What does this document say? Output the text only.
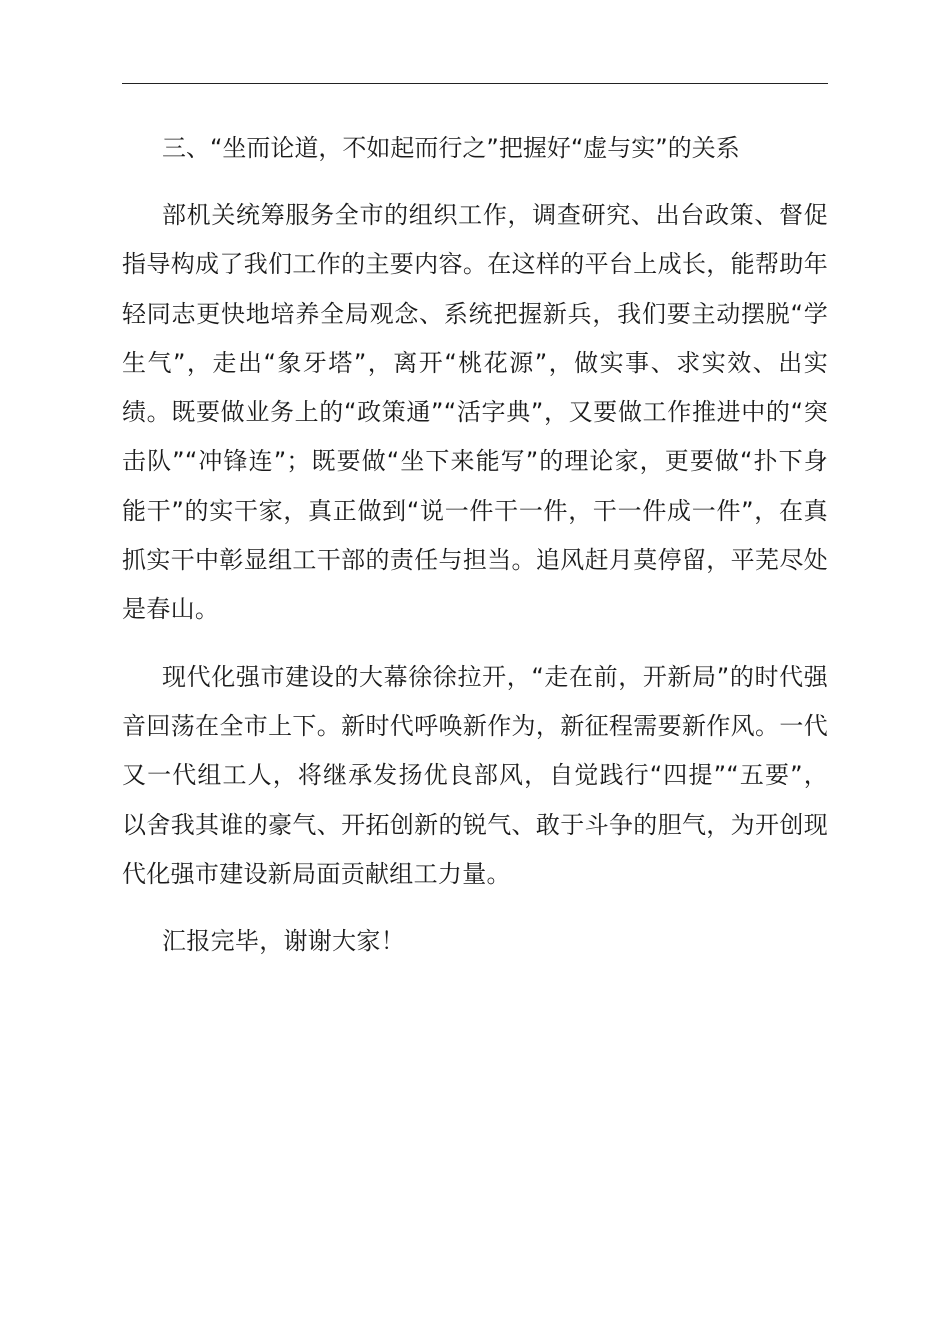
三、“坐而论道，不如起而行之”把握好“虚与实”的关系

部机关统筹服务全市的组织工作，调查研究、出台政策、督促指导构成了我们工作的主要内容。在这样的平台上成长，能帮助年轻同志更快地培养全局观念、系统把握新兵，我们要主动摆脱“学生气”，走出“象牙塔”，离开“桃花源”，做实事、求实效、出实绩。既要做业务上的“政策通”“活字典”，又要做工作推进中的“突击队”“冲锋连”；既要做“坐下来能写”的理论家，更要做“扑下身能干”的实干家，真正做到“说一件干一件，干一件成一件”，在真抓实干中彰显组工干部的责任与担当。追风赶月莫停留，平芜尽处是春山。

现代化强市建设的大幕徐徐拉开，“走在前，开新局”的时代强音回荡在全市上下。新时代呼唤新作为，新征程需要新作风。一代又一代组工人，将继承发扬优良部风，自觉践行“四提”“五要”，以舍我其谁的豪气、开拓创新的锐气、敢于斗争的胆气，为开创现代化强市建设新局面贡献组工力量。

汇报完毕，谢谢大家！
